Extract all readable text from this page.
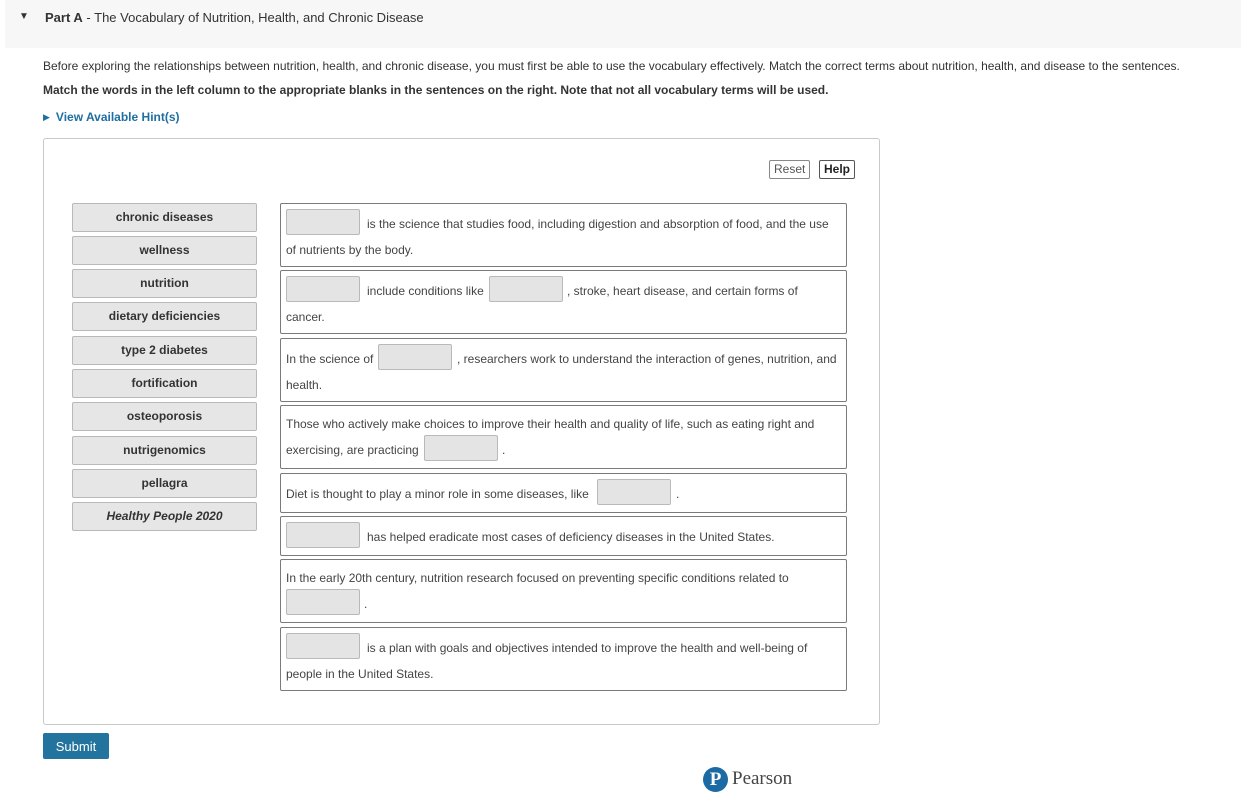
▼ Part A - The Vocabulary of Nutrition, Health, and Chronic Disease
Before exploring the relationships between nutrition, health, and chronic disease, you must first be able to use the vocabulary effectively. Match the correct terms about nutrition, health, and disease to the sentences.
Match the words in the left column to the appropriate blanks in the sentences on the right. Note that not all vocabulary terms will be used.
▶ View Available Hint(s)
Reset	Help
chronic diseases
wellness
nutrition
dietary deficiencies
type 2 diabetes
fortification
osteoporosis
nutrigenomics
pellagra
Healthy People 2020
is the science that studies food, including digestion and absorption of food, and the use
of nutrients by the body.
include conditions like	, stroke, heart disease, and certain forms of
cancer.
In the science of	, researchers work to understand the interaction of genes, nutrition, and
health.
Those who actively make choices to improve their health and quality of life, such as eating right and
exercising, are practicing	.
Diet is thought to play a minor role in some diseases, like	.
has helped eradicate most cases of deficiency diseases in the United States.
In the early 20th century, nutrition research focused on preventing specific conditions related to
.
is a plan with goals and objectives intended to improve the health and well-being of
people in the United States.
Submit
P Pearson
